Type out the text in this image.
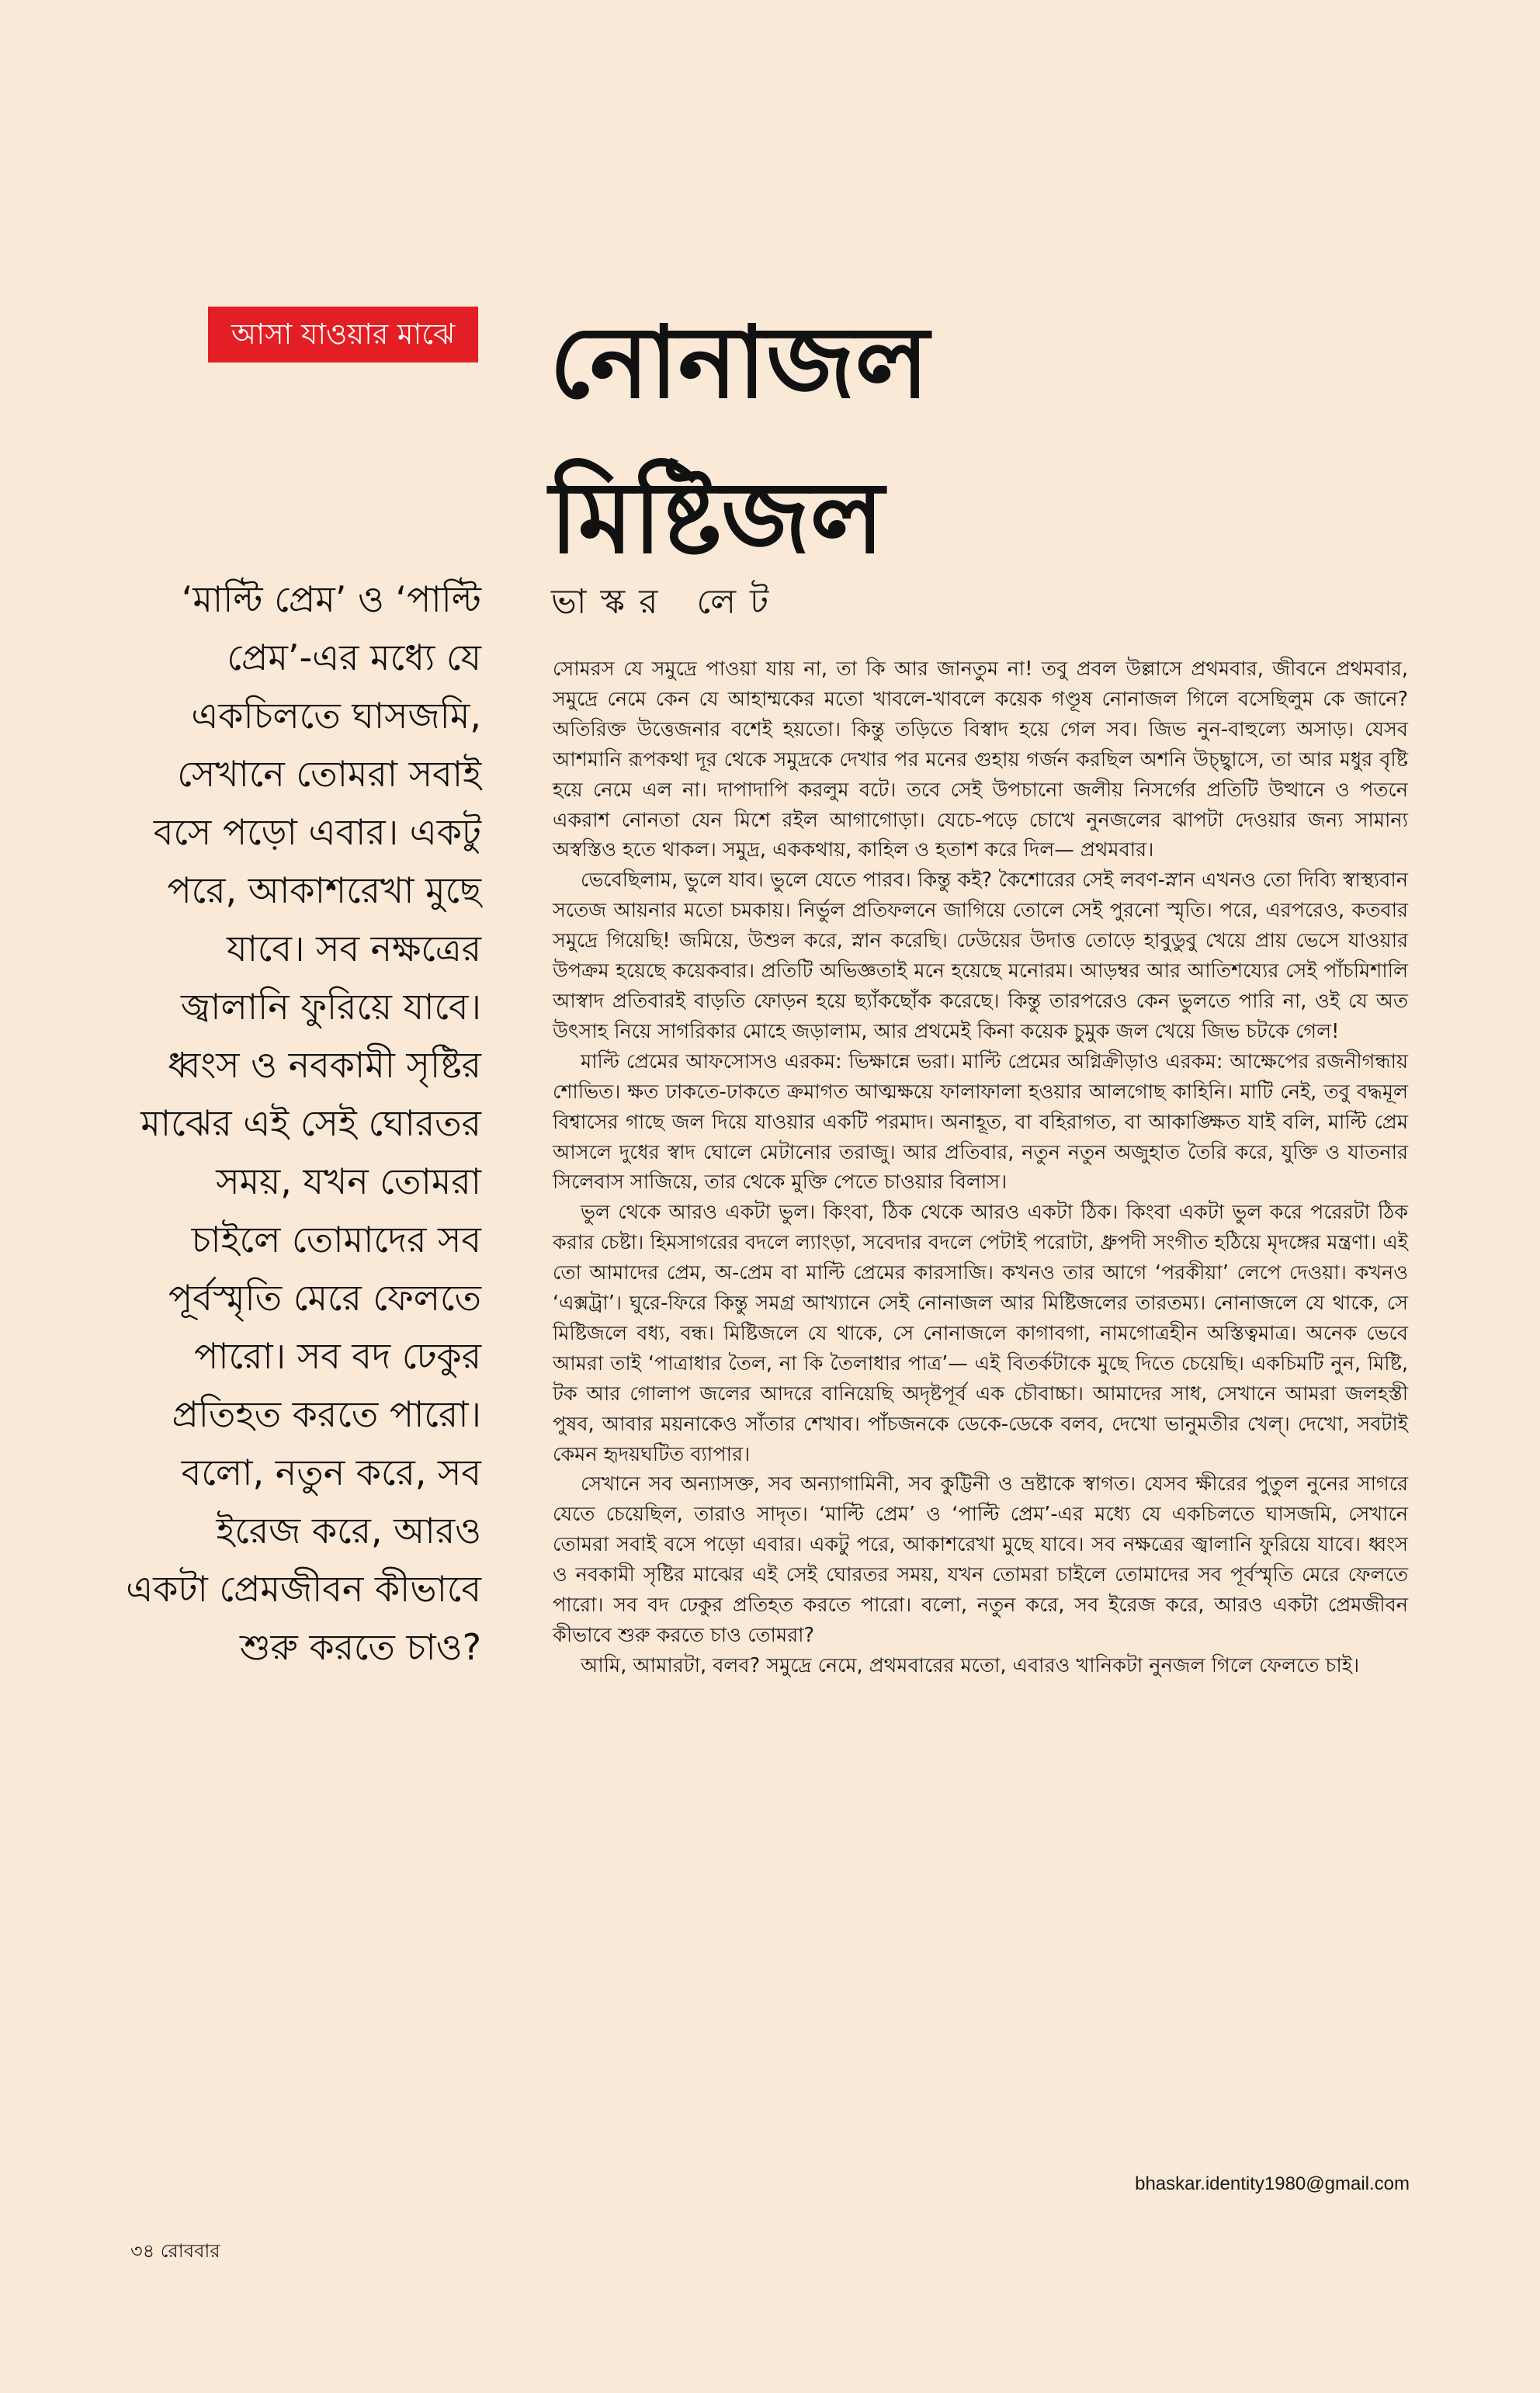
আসা যাওয়ার মাঝে নোনাজল
মিষ্টিজল
ভাস্কর লেট
‘মাল্টি প্রেম’ ও ‘পাল্টি প্রেম’-এর মধ্যে যে একচিলতে ঘাসজমি, সেখানে তোমরা সবাই বসে পড়ো এবার। একটু পরে, আকাশরেখা মুছে যাবে। সব নক্ষত্রের জ্বালানি ফুরিয়ে যাবে। ধ্বংস ও নবকামী সৃষ্টির মাঝের এই সেই ঘোরতর সময়, যখন তোমরা চাইলে তোমাদের সব পূর্বস্মৃতি মেরে ফেলতে পারো। সব বদ ঢেকুর প্রতিহত করতে পারো। বলো, নতুন করে, সব ইরেজ করে, আরও একটা প্রেমজীবন কীভাবে শুরু করতে চাও?

সোমরস যে সমুদ্রে পাওয়া যায় না, তা কি আর জানতুম না! তবু প্রবল উল্লাসে প্রথমবার, জীবনে প্রথমবার, সমুদ্রে নেমে কেন যে আহাম্মকের মতো খাবলে-খাবলে কয়েক গণ্ডূষ নোনাজল গিলে বসেছিলুম কে জানে? অতিরিক্ত উত্তেজনার বশেই হয়তো। কিন্তু তড়িতে বিস্বাদ হয়ে গেল সব। জিভ নুন-বাহুল্যে অসাড়। যেসব আশমানি রূপকথা দূর থেকে সমুদ্রকে দেখার পর মনের গুহায় গর্জন করছিল অশনি উচ্ছ্বাসে, তা আর মধুর বৃষ্টি হয়ে নেমে এল না। দাপাদাপি করলুম বটে। তবে সেই উপচানো জলীয় নিসর্গের প্রতিটি উত্থানে ও পতনে একরাশ নোনতা যেন মিশে রইল আগাগোড়া। যেচে-পড়ে চোখে নুনজলের ঝাপটা দেওয়ার জন্য সামান্য অস্বস্তিও হতে থাকল। সমুদ্র, এককথায়, কাহিল ও হতাশ করে দিল— প্রথমবার।

ভেবেছিলাম, ভুলে যাব। ভুলে যেতে পারব। কিন্তু কই? কৈশোরের সেই লবণ-স্নান এখনও তো দিব্যি স্বাস্থ্যবান সতেজ আয়নার মতো চমকায়। নির্ভুল প্রতিফলনে জাগিয়ে তোলে সেই পুরনো স্মৃতি। পরে, এরপরেও, কতবার সমুদ্রে গিয়েছি! জমিয়ে, উশুল করে, স্নান করেছি। ঢেউয়ের উদাত্ত তোড়ে হাবুডুবু খেয়ে প্রায় ভেসে যাওয়ার উপক্রম হয়েছে কয়েকবার। প্রতিটি অভিজ্ঞতাই মনে হয়েছে মনোরম। আড়ম্বর আর আতিশয্যের সেই পাঁচমিশালি আস্বাদ প্রতিবারই বাড়তি ফোড়ন হয়ে ছ্যাঁকছোঁক করেছে। কিন্তু তারপরেও কেন ভুলতে পারি না, ওই যে অত উৎসাহ নিয়ে সাগরিকার মোহে জড়ালাম, আর প্রথমেই কিনা কয়েক চুমুক জল খেয়ে জিভ চটকে গেল!

মাল্টি প্রেমের আফসোসও এরকম: ভিক্ষান্নে ভরা। মাল্টি প্রেমের অগ্নিক্রীড়াও এরকম: আক্ষেপের রজনীগন্ধায় শোভিত। ক্ষত ঢাকতে-ঢাকতে ক্রমাগত আত্মক্ষয়ে ফালাফালা হওয়ার আলগোছ কাহিনি। মাটি নেই, তবু বদ্ধমূল বিশ্বাসের গাছে জল দিয়ে যাওয়ার একটি পরমাদ। অনাহূত, বা বহিরাগত, বা আকাঙ্ক্ষিত যাই বলি, মাল্টি প্রেম আসলে দুধের স্বাদ ঘোলে মেটানোর তরাজু। আর প্রতিবার, নতুন নতুন অজুহাত তৈরি করে, যুক্তি ও যাতনার সিলেবাস সাজিয়ে, তার থেকে মুক্তি পেতে চাওয়ার বিলাস।

ভুল থেকে আরও একটা ভুল। কিংবা, ঠিক থেকে আরও একটা ঠিক। কিংবা একটা ভুল করে পরেরটা ঠিক করার চেষ্টা। হিমসাগরের বদলে ল্যাংড়া, সবেদার বদলে পেটাই পরোটা, ধ্রুপদী সংগীত হঠিয়ে মৃদঙ্গের মন্ত্রণা। এই তো আমাদের প্রেম, অ-প্রেম বা মাল্টি প্রেমের কারসাজি। কখনও তার আগে ‘পরকীয়া’ লেপে দেওয়া। কখনও ‘এক্সট্রা’। ঘুরে-ফিরে কিন্তু সমগ্র আখ্যানে সেই নোনাজল আর মিষ্টিজলের তারতম্য। নোনাজলে যে থাকে, সে মিষ্টিজলে বধ্য, বন্ধ। মিষ্টিজলে যে থাকে, সে নোনাজলে কাগাবগা, নামগোত্রহীন অস্তিত্বমাত্র। অনেক ভেবে আমরা তাই ‘পাত্রাধার তৈল, না কি তৈলাধার পাত্র’— এই বিতর্কটাকে মুছে দিতে চেয়েছি। একচিমটি নুন, মিষ্টি, টক আর গোলাপ জলের আদরে বানিয়েছি অদৃষ্টপূর্ব এক চৌবাচ্চা। আমাদের সাধ, সেখানে আমরা জলহস্তী পুষব, আবার ময়নাকেও সাঁতার শেখাব। পাঁচজনকে ডেকে-ডেকে বলব, দেখো ভানুমতীর খেল্। দেখো, সবটাই কেমন হৃদয়ঘটিত ব্যাপার।

সেখানে সব অন্যাসক্ত, সব অন্যাগামিনী, সব কুট্টিনী ও ভ্রষ্টাকে স্বাগত। যেসব ক্ষীরের পুতুল নুনের সাগরে যেতে চেয়েছিল, তারাও সাদৃত। ‘মাল্টি প্রেম’ ও ‘পাল্টি প্রেম’-এর মধ্যে যে একচিলতে ঘাসজমি, সেখানে তোমরা সবাই বসে পড়ো এবার। একটু পরে, আকাশরেখা মুছে যাবে। সব নক্ষত্রের জ্বালানি ফুরিয়ে যাবে। ধ্বংস ও নবকামী সৃষ্টির মাঝের এই সেই ঘোরতর সময়, যখন তোমরা চাইলে তোমাদের সব পূর্বস্মৃতি মেরে ফেলতে পারো। সব বদ ঢেকুর প্রতিহত করতে পারো। বলো, নতুন করে, সব ইরেজ করে, আরও একটা প্রেমজীবন কীভাবে শুরু করতে চাও তোমরা?

আমি, আমারটা, বলব? সমুদ্রে নেমে, প্রথমবারের মতো, এবারও খানিকটা নুনজল গিলে ফেলতে চাই।

bhaskar.identity1980@gmail.com
৩৪ রোববার
